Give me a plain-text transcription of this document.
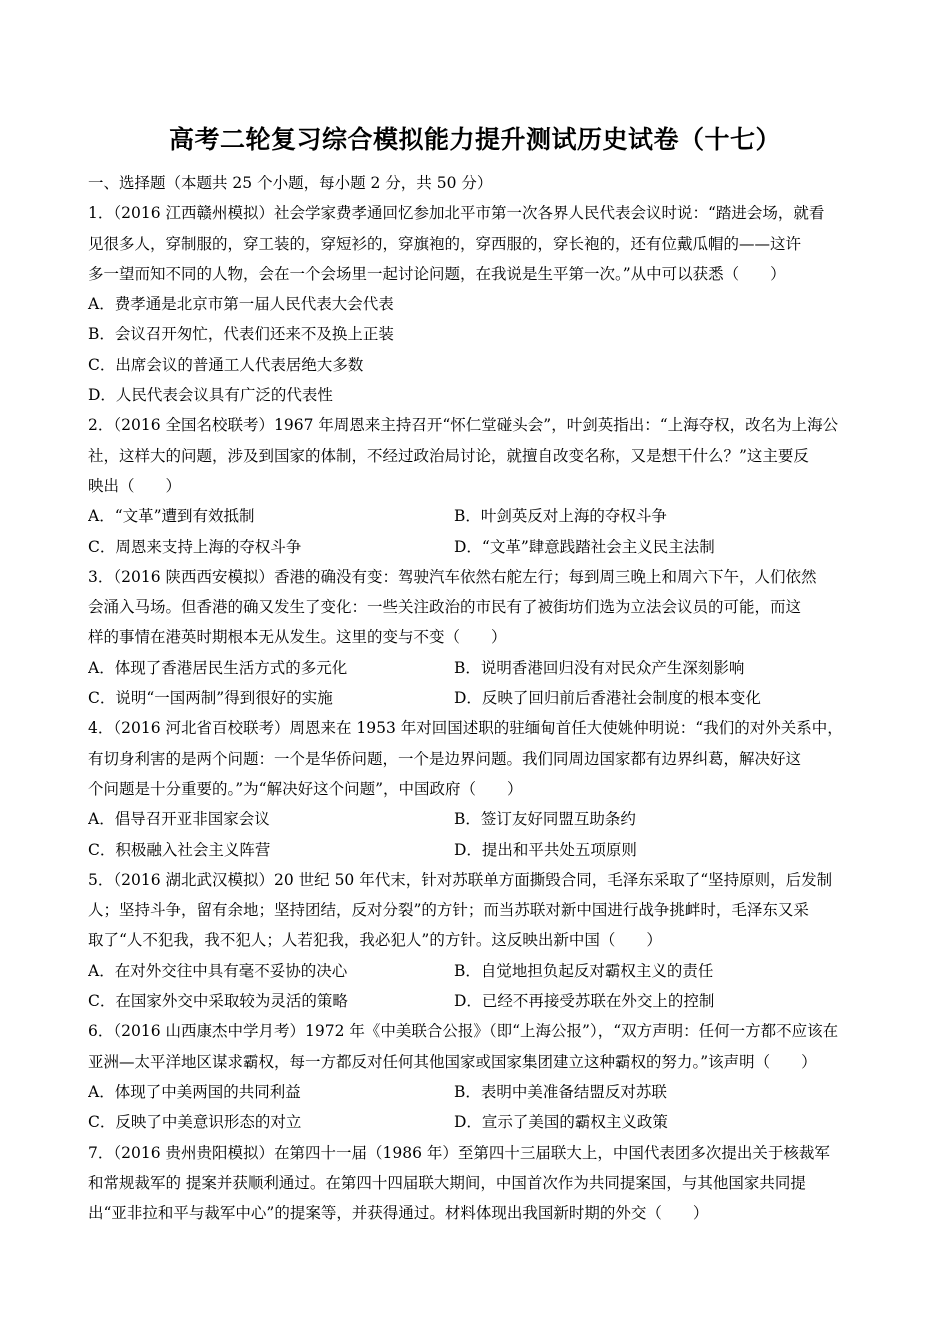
高考二轮复习综合模拟能力提升测试历史试卷（十七）
一、选择题（本题共 25 个小题，每小题 2 分，共 50 分）
1．（2016 江西赣州模拟）社会学家费孝通回忆参加北平市第一次各界人民代表会议时说：“踏进会场，就看
见很多人，穿制服的，穿工装的，穿短衫的，穿旗袍的，穿西服的，穿长袍的，还有位戴瓜帽的——这许
多一望而知不同的人物，会在一个会场里一起讨论问题，在我说是生平第一次。”从中可以获悉（　　）
A．费孝通是北京市第一届人民代表大会代表
B．会议召开匆忙，代表们还来不及换上正装
C．出席会议的普通工人代表居绝大多数
D．人民代表会议具有广泛的代表性
2．（2016 全国名校联考）1967 年周恩来主持召开“怀仁堂碰头会”，叶剑英指出：“上海夺权，改名为上海公
社，这样大的问题，涉及到国家的体制，不经过政治局讨论，就擅自改变名称，又是想干什么？”这主要反
映出（　　）
A．“文革”遭到有效抵制	B．叶剑英反对上海的夺权斗争
C．周恩来支持上海的夺权斗争	D．“文革”肆意践踏社会主义民主法制
3．（2016 陕西西安模拟）香港的确没有变：驾驶汽车依然右舵左行；每到周三晚上和周六下午，人们依然
会涌入马场。但香港的确又发生了变化：一些关注政治的市民有了被街坊们选为立法会议员的可能，而这
样的事情在港英时期根本无从发生。这里的变与不变（　　）
A．体现了香港居民生活方式的多元化	B．说明香港回归没有对民众产生深刻影响
C．说明“一国两制”得到很好的实施	D．反映了回归前后香港社会制度的根本变化
4．（2016 河北省百校联考）周恩来在 1953 年对回国述职的驻缅甸首任大使姚仲明说：“我们的对外关系中，
有切身利害的是两个问题：一个是华侨问题，一个是边界问题。我们同周边国家都有边界纠葛，解决好这
个问题是十分重要的。”为“解决好这个问题”，中国政府（　　）
A．倡导召开亚非国家会议	B．签订友好同盟互助条约
C．积极融入社会主义阵营	D．提出和平共处五项原则
5．（2016 湖北武汉模拟）20 世纪 50 年代末，针对苏联单方面撕毁合同，毛泽东采取了“坚持原则，后发制
人；坚持斗争，留有余地；坚持团结，反对分裂”的方针；而当苏联对新中国进行战争挑衅时，毛泽东又采
取了“人不犯我，我不犯人；人若犯我，我必犯人”的方针。这反映出新中国（　　）
A．在对外交往中具有毫不妥协的决心	B．自觉地担负起反对霸权主义的责任
C．在国家外交中采取较为灵活的策略	D．已经不再接受苏联在外交上的控制
6．（2016 山西康杰中学月考）1972 年《中美联合公报》（即“上海公报”），“双方声明：任何一方都不应该在
亚洲—太平洋地区谋求霸权，每一方都反对任何其他国家或国家集团建立这种霸权的努力。”该声明（　　）
A．体现了中美两国的共同利益	B．表明中美准备结盟反对苏联
C．反映了中美意识形态的对立	D．宣示了美国的霸权主义政策
7．（2016 贵州贵阳模拟）在第四十一届（1986 年）至第四十三届联大上，中国代表团多次提出关于核裁军
和常规裁军的 提案并获顺利通过。在第四十四届联大期间，中国首次作为共同提案国，与其他国家共同提
出“亚非拉和平与裁军中心”的提案等，并获得通过。材料体现出我国新时期的外交（　　）
